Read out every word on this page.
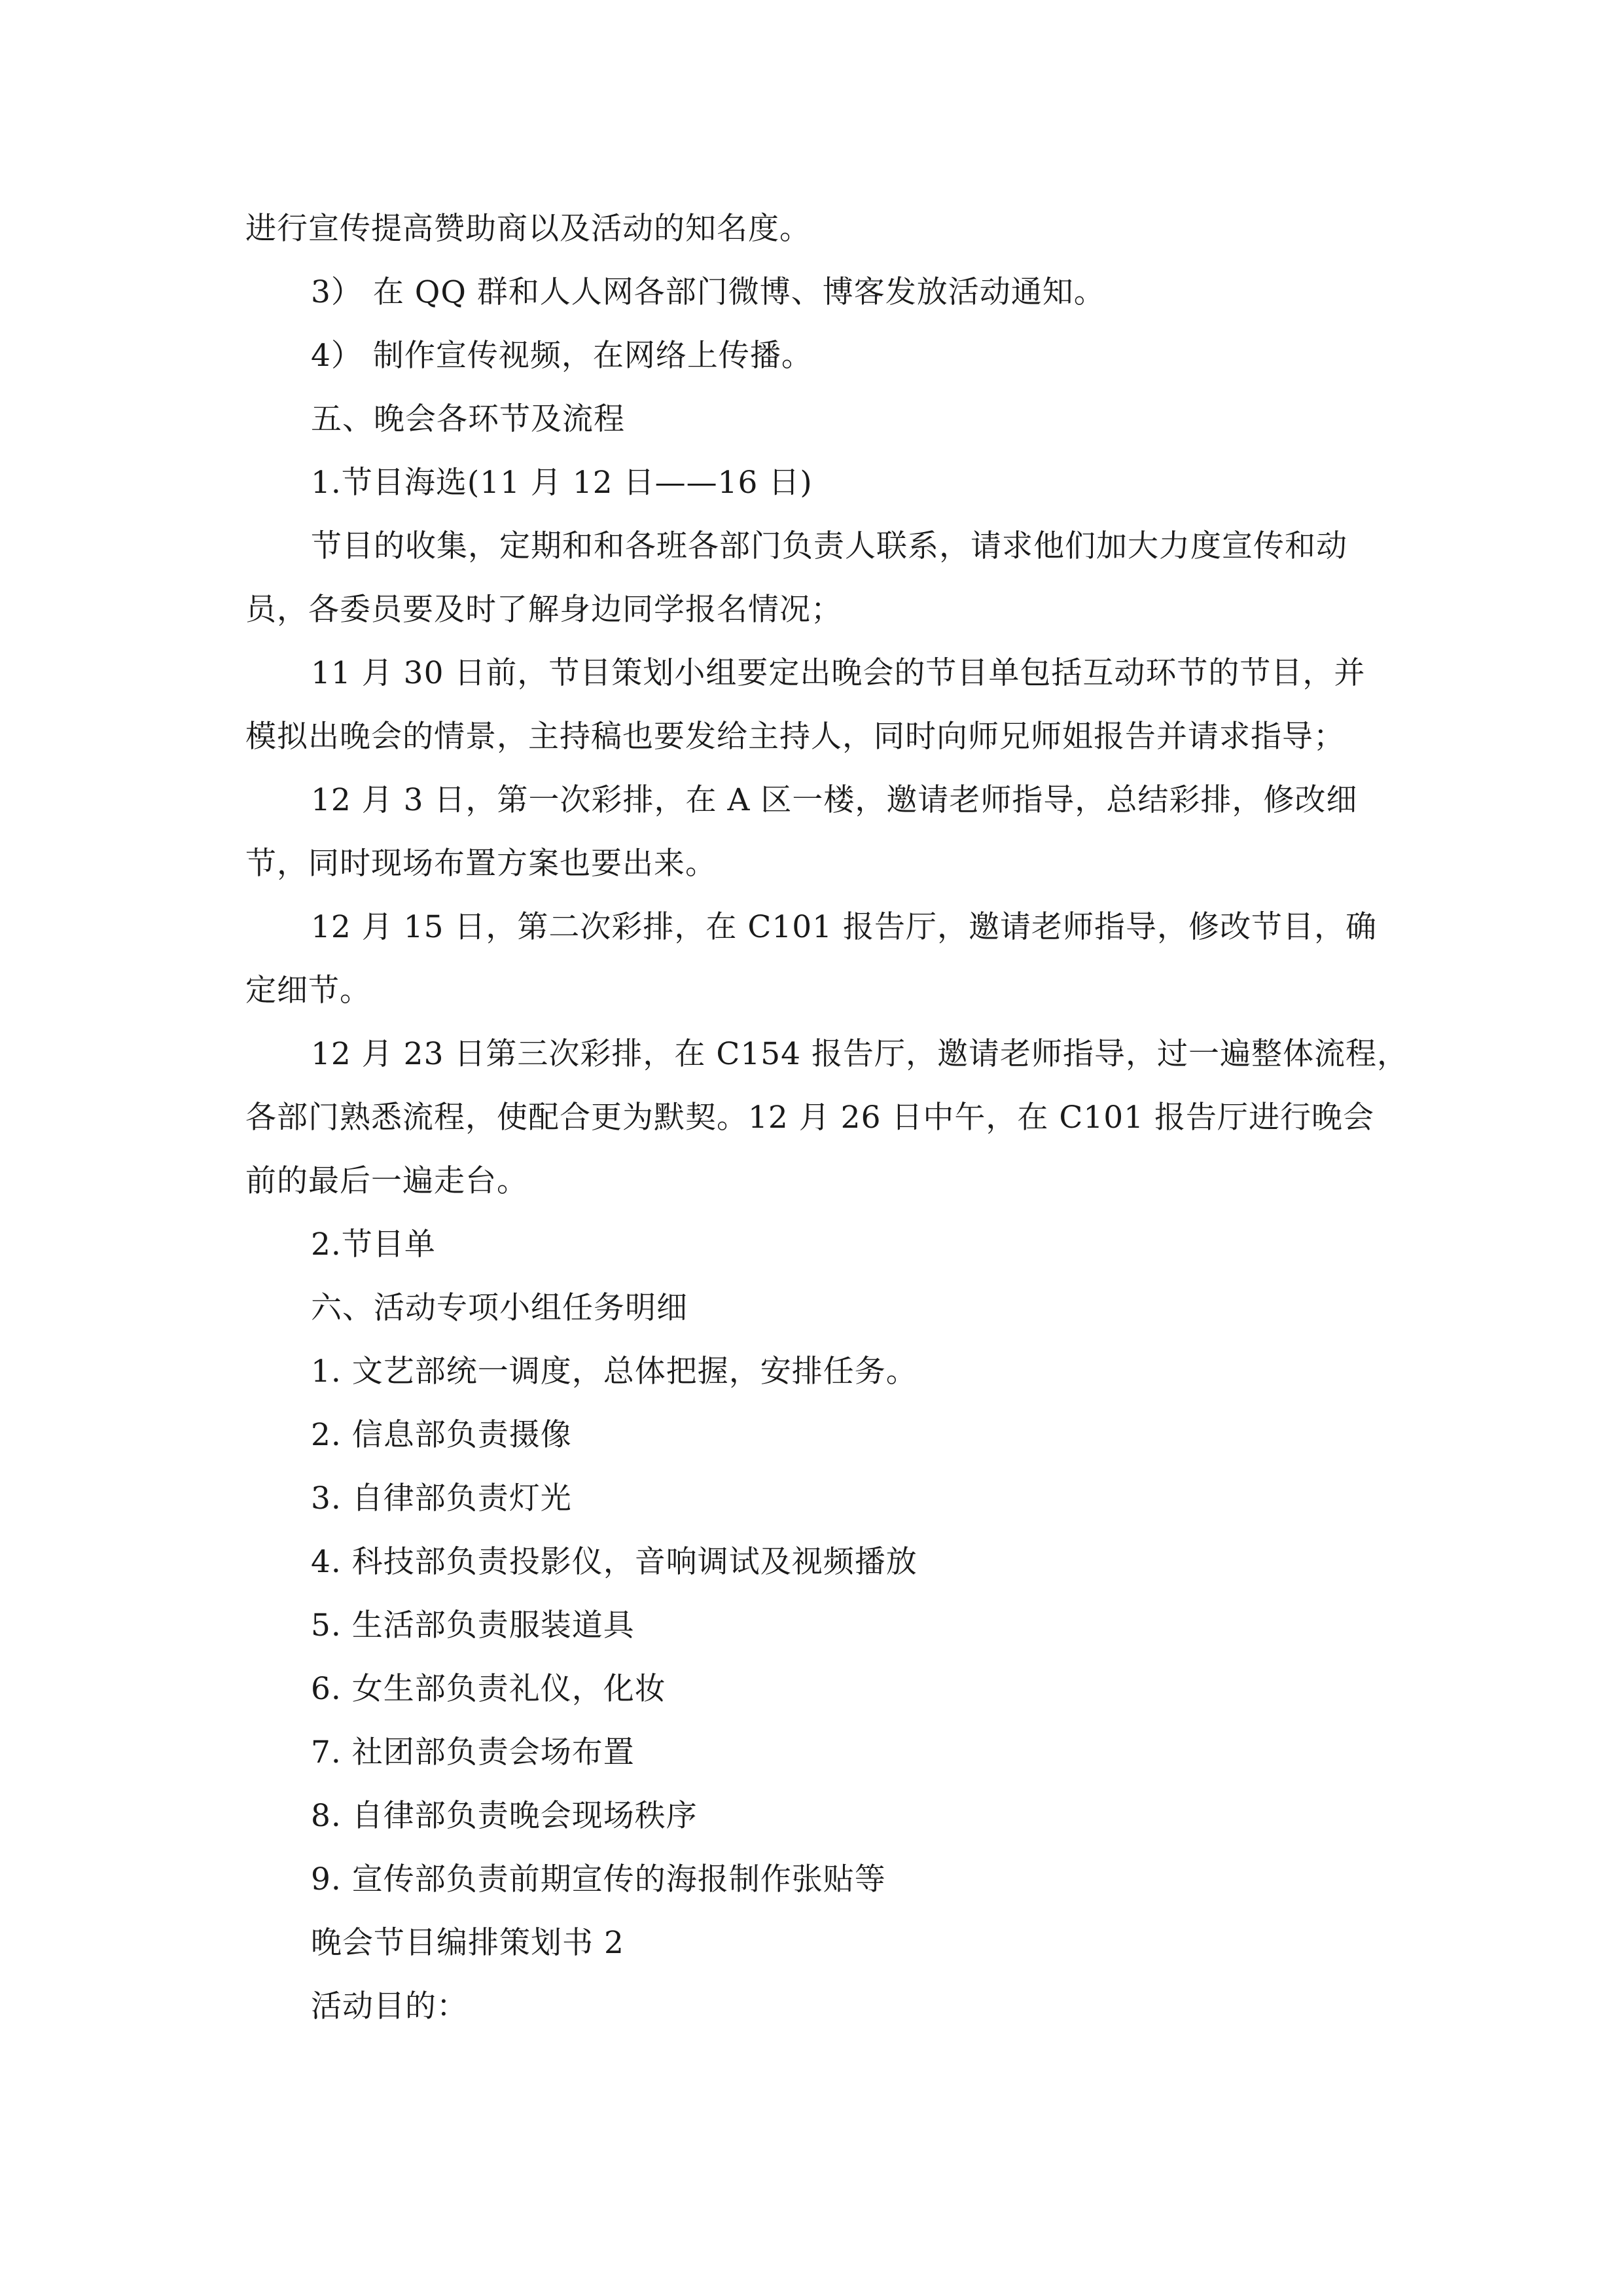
进行宣传提高赞助商以及活动的知名度。
3） 在 QQ 群和人人网各部门微博、博客发放活动通知。
4） 制作宣传视频，在网络上传播。
五、晚会各环节及流程
1.节目海选(11 月 12 日——16 日)
节目的收集，定期和和各班各部门负责人联系，请求他们加大力度宣传和动
员，各委员要及时了解身边同学报名情况；
11 月 30 日前，节目策划小组要定出晚会的节目单包括互动环节的节目，并
模拟出晚会的情景，主持稿也要发给主持人，同时向师兄师姐报告并请求指导；
12 月 3 日，第一次彩排，在 A 区一楼，邀请老师指导，总结彩排，修改细
节，同时现场布置方案也要出来。
12 月 15 日，第二次彩排，在 C101 报告厅，邀请老师指导，修改节目，确
定细节。
12 月 23 日第三次彩排，在 C154 报告厅，邀请老师指导，过一遍整体流程，
各部门熟悉流程，使配合更为默契。12 月 26 日中午，在 C101 报告厅进行晚会
前的最后一遍走台。
2.节目单
六、活动专项小组任务明细
1. 文艺部统一调度，总体把握，安排任务。
2. 信息部负责摄像
3. 自律部负责灯光
4. 科技部负责投影仪，音响调试及视频播放
5. 生活部负责服装道具
6. 女生部负责礼仪，化妆
7. 社团部负责会场布置
8. 自律部负责晚会现场秩序
9. 宣传部负责前期宣传的海报制作张贴等
晚会节目编排策划书 2
活动目的：
